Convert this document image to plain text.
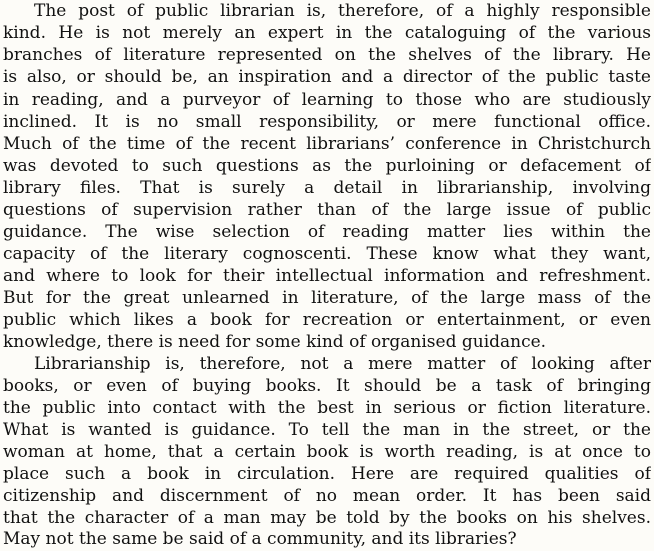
The post of public librarian is, therefore, of a highly responsible
kind. He is not merely an expert in the cataloguing of the various
branches of literature represented on the shelves of the library. He
is also, or should be, an inspiration and a director of the public taste
in reading, and a purveyor of learning to those who are studiously
inclined. It is no small responsibility, or mere functional office.
Much of the time of the recent librarians’ conference in Christchurch
was devoted to such questions as the purloining or defacement of
library files. That is surely a detail in librarianship, involving
questions of supervision rather than of the large issue of public
guidance. The wise selection of reading matter lies within the
capacity of the literary cognoscenti. These know what they want,
and where to look for their intellectual information and refreshment.
But for the great unlearned in literature, of the large mass of the
public which likes a book for recreation or entertainment, or even
knowledge, there is need for some kind of organised guidance.
Librarianship is, therefore, not a mere matter of looking after
books, or even of buying books. It should be a task of bringing
the public into contact with the best in serious or fiction literature.
What is wanted is guidance. To tell the man in the street, or the
woman at home, that a certain book is worth reading, is at once to
place such a book in circulation. Here are required qualities of
citizenship and discernment of no mean order. It has been said
that the character of a man may be told by the books on his shelves.
May not the same be said of a community, and its libraries?
